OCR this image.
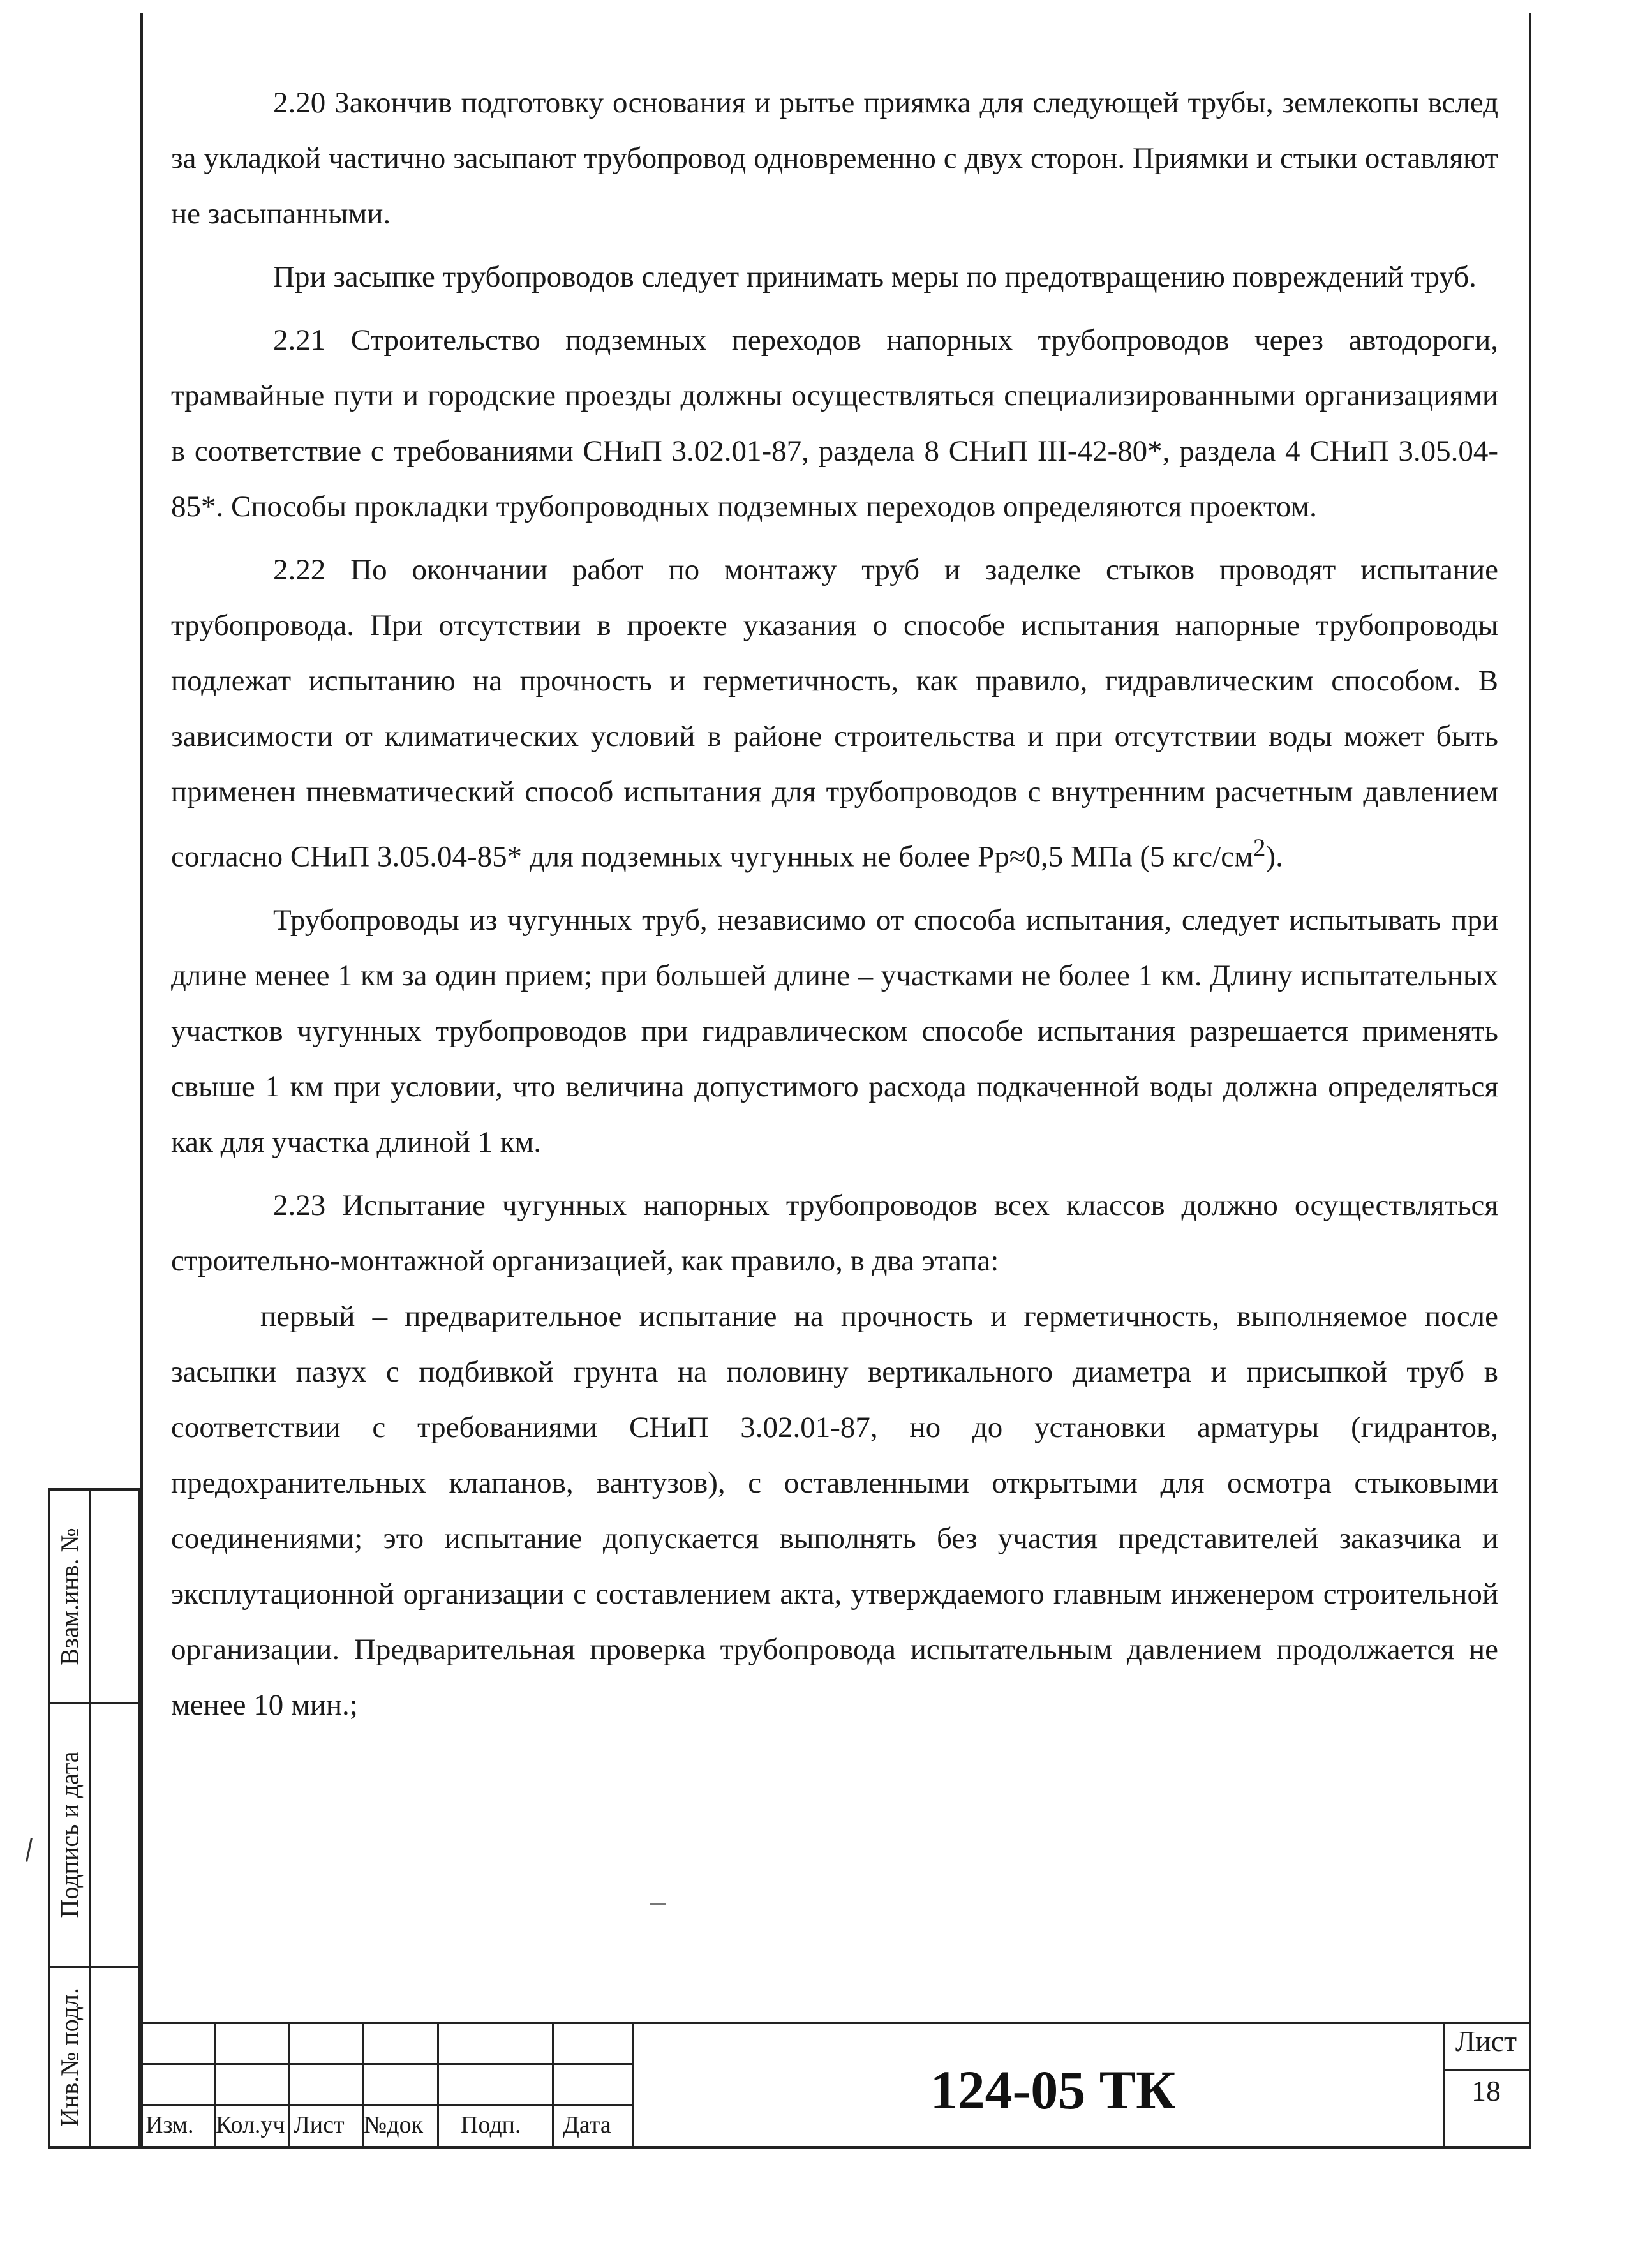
2.20 Закончив подготовку основания и рытье приямка для следующей трубы, землекопы вслед за укладкой частично засыпают трубопровод одновременно с двух сторон. Приямки и стыки оставляют не засыпанными.

При засыпке трубопроводов следует принимать меры по предотвращению повреждений труб.

2.21 Строительство подземных переходов напорных трубопроводов через автодороги, трамвайные пути и городские проезды должны осуществляться специализированными организациями в соответствие с требованиями СНиП 3.02.01-87, раздела 8 СНиП III-42-80*, раздела 4 СНиП 3.05.04-85*. Способы прокладки трубопроводных подземных переходов определяются проектом.

2.22 По окончании работ по монтажу труб и заделке стыков проводят испытание трубопровода. При отсутствии в проекте указания о способе испытания напорные трубопроводы подлежат испытанию на прочность и герметичность, как правило, гидравлическим способом. В зависимости от климатических условий в районе строительства и при отсутствии воды может быть применен пневматический способ испытания для трубопроводов с внутренним расчетным давлением согласно СНиП 3.05.04-85* для подземных чугунных не более Рр≈0,5 МПа (5 кгс/$см^2$).

Трубопроводы из чугунных труб, независимо от способа испытания, следует испытывать при длине менее 1 км за один прием; при большей длине – участками не более 1 км. Длину испытательных участков чугунных трубопроводов при гидравлическом способе испытания разрешается применять свыше 1 км при условии, что величина допустимого расхода подкаченной воды должна определяться как для участка длиной 1 км.

2.23 Испытание чугунных напорных трубопроводов всех классов должно осуществляться строительно-монтажной организацией, как правило, в два этапа:

первый – предварительное испытание на прочность и герметичность, выполняемое после засыпки пазух с подбивкой грунта на половину вертикального диаметра и присыпкой труб в соответствии с требованиями СНиП 3.02.01-87, но до установки арматуры (гидрантов, предохранительных клапанов, вантузов), с оставленными открытыми для осмотра стыковыми соединениями; это испытание допускается выполнять без участия представителей заказчика и эксплутационной организации с составлением акта, утверждаемого главным инженером строительной организации. Предварительная проверка трубопровода испытательным давлением продолжается не менее 10 мин.;

Взам.инв. №
Подпись и дата
Инв.№ подл.	Изм. Кол.уч Лист №док Подп. Дата
124-05 ТК
Лист
18
